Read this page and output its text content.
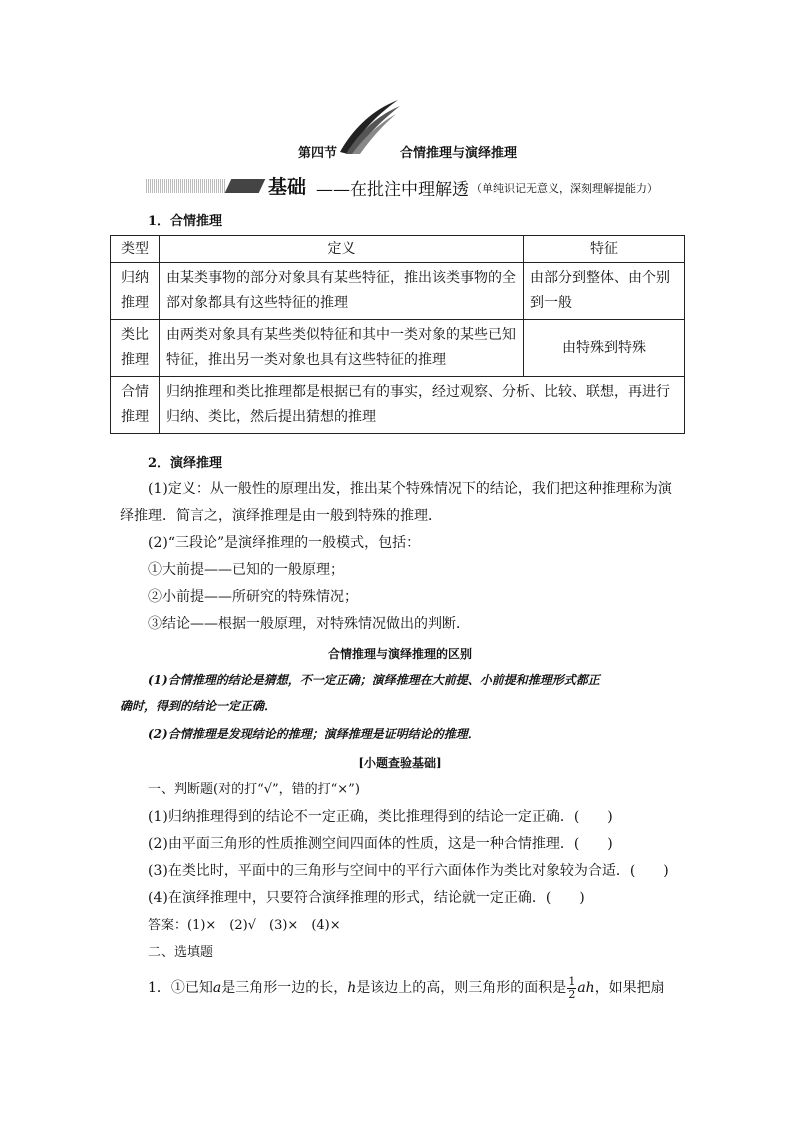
第四节	合情推理与演绎推理
基础 ——在批注中理解透 （单纯识记无意义，深刻理解提能力）
1．合情推理
类型	定义	特征
归纳推理	由某类事物的部分对象具有某些特征，推出该类事物的全部对象都具有这些特征的推理	由部分到整体、由个别到一般
类比推理	由两类对象具有某些类似特征和其中一类对象的某些已知特征，推出另一类对象也具有这些特征的推理	由特殊到特殊
合情推理	归纳推理和类比推理都是根据已有的事实，经过观察、分析、比较、联想，再进行归纳、类比，然后提出猜想的推理	
2．演绎推理
(1)定义：从一般性的原理出发，推出某个特殊情况下的结论，我们把这种推理称为演
绎推理．简言之，演绎推理是由一般到特殊的推理．
(2)“三段论”是演绎推理的一般模式，包括：
①大前提——已知的一般原理；
②小前提——所研究的特殊情况；
③结论——根据一般原理，对特殊情况做出的判断．
合情推理与演绎推理的区别
(1)合情推理的结论是猜想，不一定正确；演绎推理在大前提、小前提和推理形式都正
确时，得到的结论一定正确．
(2)合情推理是发现结论的推理；演绎推理是证明结论的推理．
[小题查验基础]
一、判断题(对的打“√”，错的打“×”)
(1)归纳推理得到的结论不一定正确，类比推理得到的结论一定正确．(　　)
(2)由平面三角形的性质推测空间四面体的性质，这是一种合情推理．(　　)
(3)在类比时，平面中的三角形与空间中的平行六面体作为类比对象较为合适．(　　)
(4)在演绎推理中，只要符合演绎推理的形式，结论就一定正确．(　　)
答案：(1)×　(2)√　(3)×　(4)×
二、选填题
1．①已知a是三角形一边的长，h是该边上的高，则三角形的面积是 $\frac{1}{2}$ ah，如果把扇
